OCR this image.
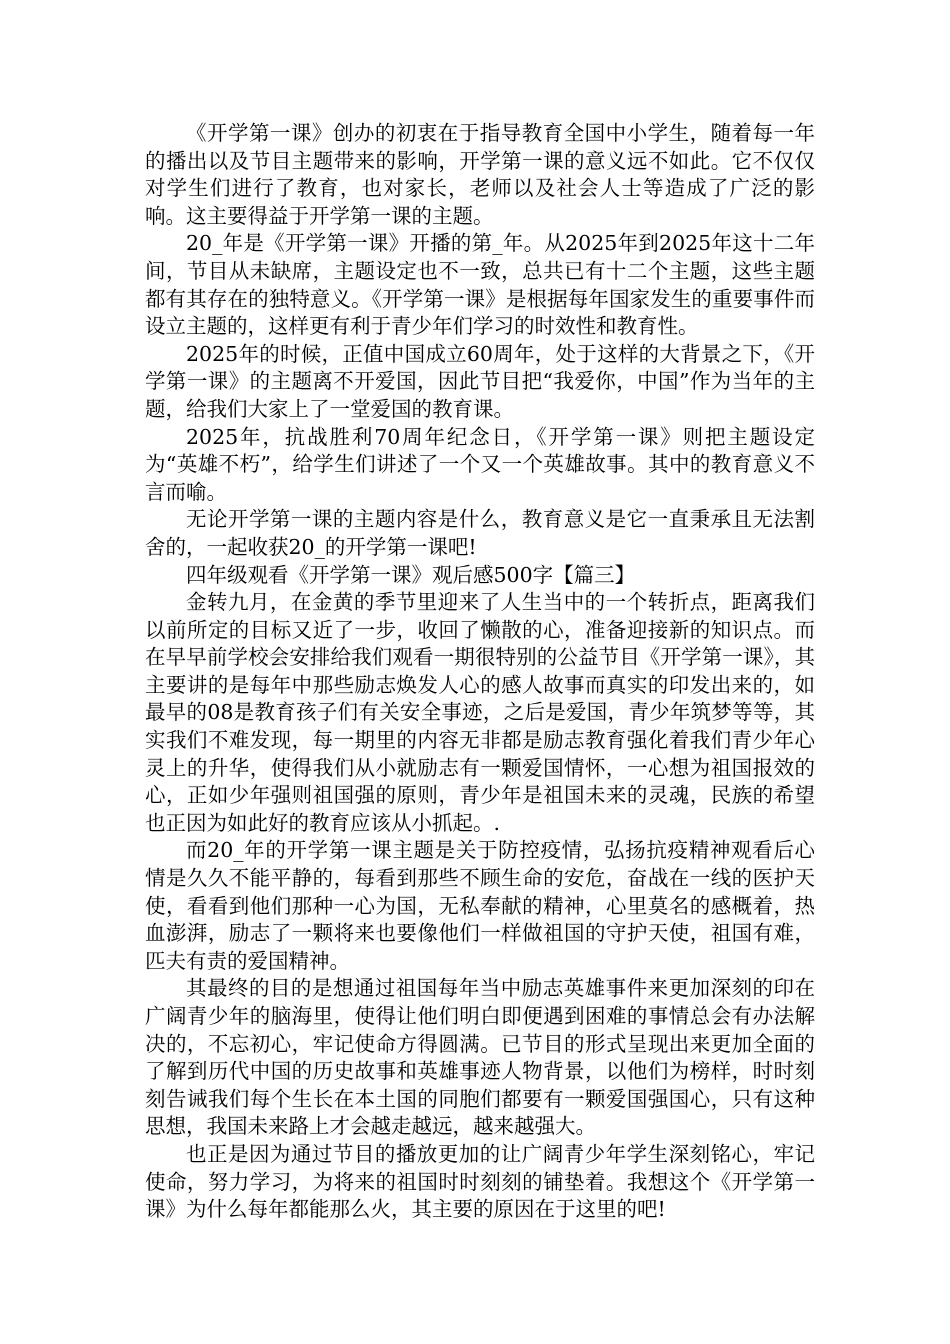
《开学第一课》创办的初衷在于指导教育全国中小学生，随着每一年的播出以及节目主题带来的影响，开学第一课的意义远不如此。它不仅仅对学生们进行了教育，也对家长，老师以及社会人士等造成了广泛的影响。这主要得益于开学第一课的主题。

20_年是《开学第一课》开播的第_年。从2025年到2025年这十二年间，节目从未缺席，主题设定也不一致，总共已有十二个主题，这些主题都有其存在的独特意义。《开学第一课》是根据每年国家发生的重要事件而设立主题的，这样更有利于青少年们学习的时效性和教育性。

2025年的时候，正值中国成立60周年，处于这样的大背景之下，《开学第一课》的主题离不开爱国，因此节目把“我爱你，中国”作为当年的主题，给我们大家上了一堂爱国的教育课。

2025年，抗战胜利70周年纪念日，《开学第一课》则把主题设定为“英雄不朽”，给学生们讲述了一个又一个英雄故事。其中的教育意义不言而喻。

无论开学第一课的主题内容是什么，教育意义是它一直秉承且无法割舍的，一起收获20_的开学第一课吧!

四年级观看《开学第一课》观后感500字【篇三】

金转九月，在金黄的季节里迎来了人生当中的一个转折点，距离我们以前所定的目标又近了一步，收回了懒散的心，准备迎接新的知识点。而在早早前学校会安排给我们观看一期很特别的公益节目《开学第一课》，其主要讲的是每年中那些励志焕发人心的感人故事而真实的印发出来的，如最早的08是教育孩子们有关安全事迹，之后是爱国，青少年筑梦等等，其实我们不难发现，每一期里的内容无非都是励志教育强化着我们青少年心灵上的升华，使得我们从小就励志有一颗爱国情怀，一心想为祖国报效的心，正如少年强则祖国强的原则，青少年是祖国未来的灵魂，民族的希望也正因为如此好的教育应该从小抓起。.

而20_年的开学第一课主题是关于防控疫情，弘扬抗疫精神观看后心情是久久不能平静的，每看到那些不顾生命的安危，奋战在一线的医护天使，看看到他们那种一心为国，无私奉献的精神，心里莫名的感概着，热血澎湃，励志了一颗将来也要像他们一样做祖国的守护天使，祖国有难，匹夫有责的爱国精神。

其最终的目的是想通过祖国每年当中励志英雄事件来更加深刻的印在广阔青少年的脑海里，使得让他们明白即便遇到困难的事情总会有办法解决的，不忘初心，牢记使命方得圆满。已节目的形式呈现出来更加全面的了解到历代中国的历史故事和英雄事迹人物背景，以他们为榜样，时时刻刻告诫我们每个生长在本土国的同胞们都要有一颗爱国强国心，只有这种思想，我国未来路上才会越走越远，越来越强大。

也正是因为通过节目的播放更加的让广阔青少年学生深刻铭心，牢记使命，努力学习，为将来的祖国时时刻刻的铺垫着。我想这个《开学第一课》为什么每年都能那么火，其主要的原因在于这里的吧!
